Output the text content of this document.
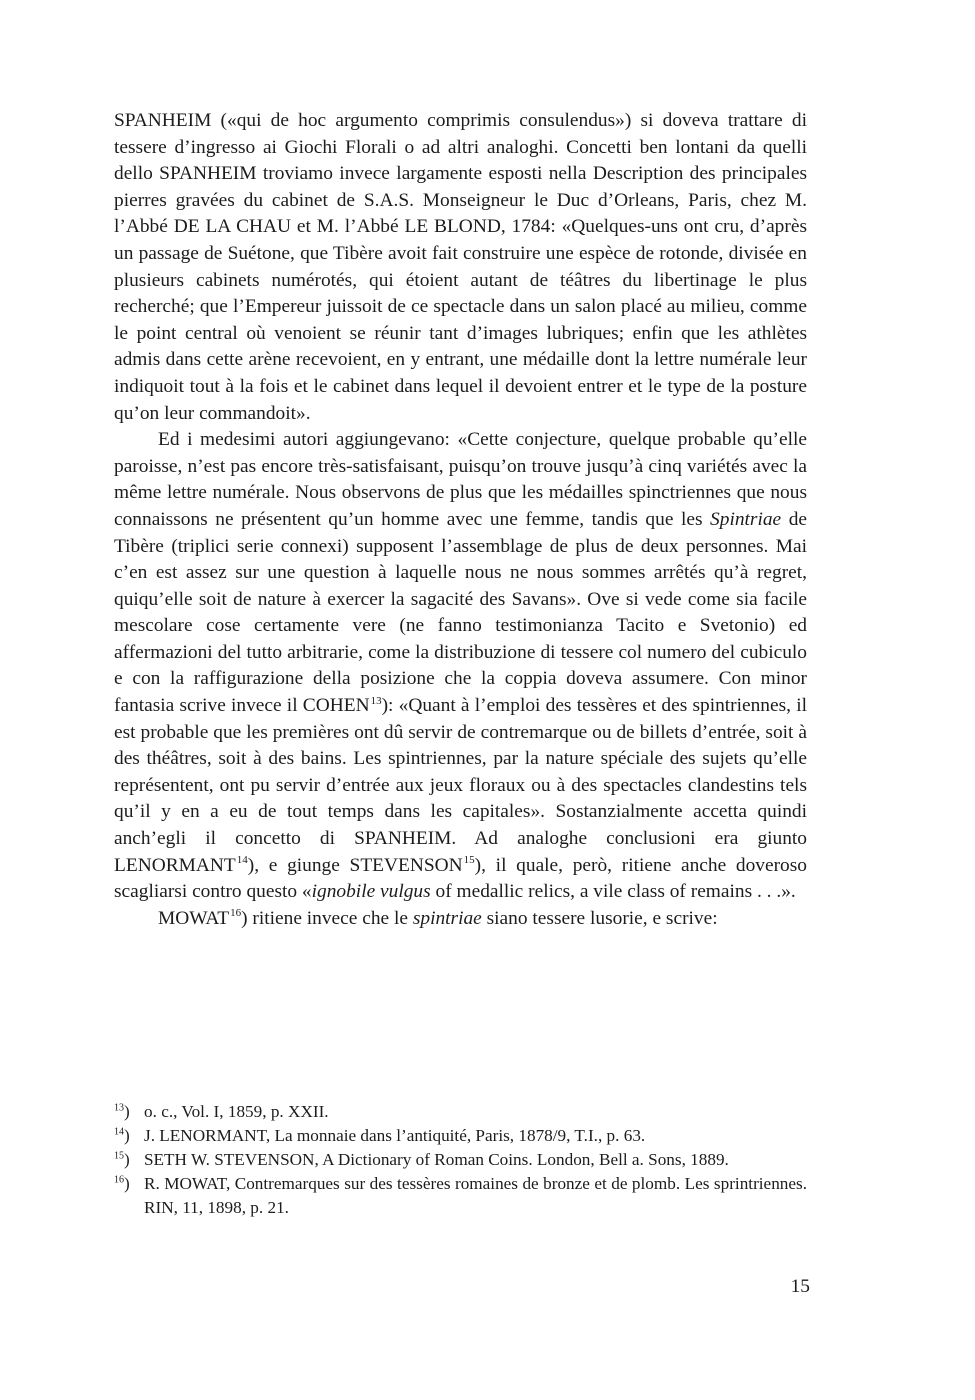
SPANHEIM («qui de hoc argumento comprimis consulendus») si doveva trattare di tessere d’ingresso ai Giochi Florali o ad altri analoghi. Concetti ben lontani da quelli dello SPANHEIM troviamo invece largamente esposti nella Description des principales pierres gravées du cabinet de S.A.S. Monseigneur le Duc d’Orleans, Paris, chez M. l’Abbé DE LA CHAU et M. l’Abbé LE BLOND, 1784: «Quelques-uns ont cru, d’après un passage de Suétone, que Tibère avoit fait construire une espèce de rotonde, divisée en plusieurs cabinets numérotés, qui étoient autant de téâtres du libertinage le plus recherché; que l’Empereur juissoit de ce spectacle dans un salon placé au milieu, comme le point central où venoient se réunir tant d’images lubriques; enfin que les athlètes admis dans cette arène recevoient, en y entrant, une médaille dont la lettre numérale leur indiquoit tout à la fois et le cabinet dans lequel il devoient entrer et le type de la posture qu’on leur commandoit».

Ed i medesimi autori aggiungevano: «Cette conjecture, quelque probable qu’elle paroisse, n’est pas encore très-satisfaisant, puisqu’on trouve jusqu’à cinq variétés avec la même lettre numérale. Nous observons de plus que les médailles spinctriennes que nous connaissons ne présentent qu’un homme avec une femme, tandis que les Spintriae de Tibère (triplici serie connexi) supposent l’assemblage de plus de deux personnes. Mai c’en est assez sur une question à laquelle nous ne nous sommes arrêtés qu’à regret, quiqu’elle soit de nature à exercer la sagacité des Savans». Ove si vede come sia facile mescolare cose certamente vere (ne fanno testimonianza Tacito e Svetonio) ed affermazioni del tutto arbitrarie, come la distribuzione di tessere col numero del cubiculo e con la raffigurazione della posizione che la coppia doveva assumere. Con minor fantasia scrive invece il COHEN$^{13}$): «Quant à l’emploi des tessères et des spintriennes, il est probable que les premières ont dû servir de contremarque ou de billets d’entrée, soit à des théâtres, soit à des bains. Les spintriennes, par la nature spéciale des sujets qu’elle représentent, ont pu servir d’entrée aux jeux floraux ou à des spectacles clandestins tels qu’il y en a eu de tout temps dans les capitales». Sostanzialmente accetta quindi anch’egli il concetto di SPANHEIM. Ad analoghe conclusioni era giunto LENORMANT$^{14}$), e giunge STEVENSON$^{15}$), il quale, però, ritiene anche doveroso scagliarsi contro questo «ignobile vulgus of medallic relics, a vile class of remains . . .».

MOWAT$^{16}$) ritiene invece che le spintriae siano tessere lusorie, e scrive:

$^{13}$) o. c., Vol. I, 1859, p. XXII.
$^{14}$) J. LENORMANT, La monnaie dans l’antiquité, Paris, 1878/9, T.I., p. 63.
$^{15}$) SETH W. STEVENSON, A Dictionary of Roman Coins. London, Bell a. Sons, 1889.
$^{16}$) R. MOWAT, Contremarques sur des tessères romaines de bronze et de plomb. Les sprintriennes. RIN, 11, 1898, p. 21.
15
